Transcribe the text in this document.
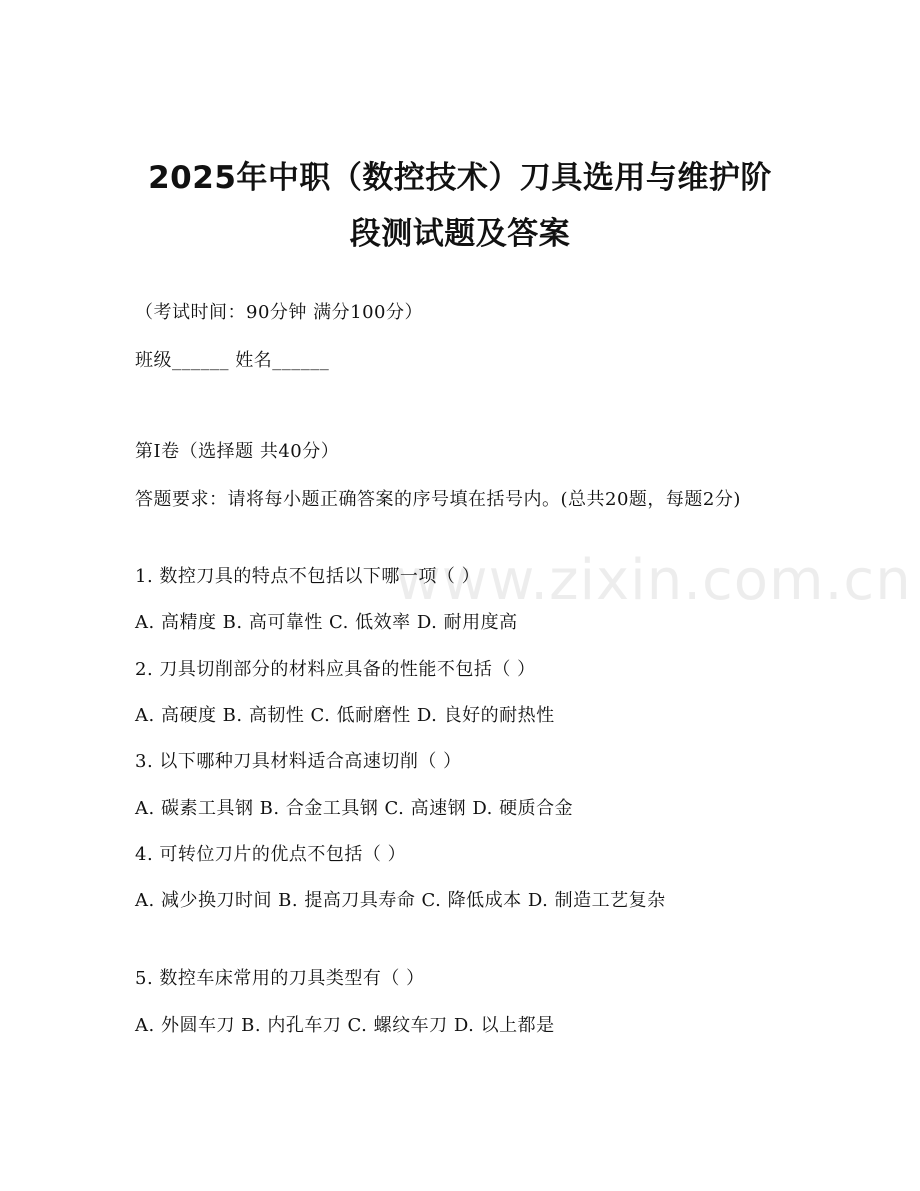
2025年中职（数控技术）刀具选用与维护阶
段测试题及答案
（考试时间：90分钟 满分100分）
班级______ 姓名______
第I卷（选择题 共40分）
答题要求：请将每小题正确答案的序号填在括号内。(总共20题，每题2分)
www.zixin.com.cn
1. 数控刀具的特点不包括以下哪一项（ ）
A. 高精度 B. 高可靠性 C. 低效率 D. 耐用度高
2. 刀具切削部分的材料应具备的性能不包括（ ）
A. 高硬度 B. 高韧性 C. 低耐磨性 D. 良好的耐热性
3. 以下哪种刀具材料适合高速切削（ ）
A. 碳素工具钢 B. 合金工具钢 C. 高速钢 D. 硬质合金
4. 可转位刀片的优点不包括（ ）
A. 减少换刀时间 B. 提高刀具寿命 C. 降低成本 D. 制造工艺复杂
5. 数控车床常用的刀具类型有（ ）
A. 外圆车刀 B. 内孔车刀 C. 螺纹车刀 D. 以上都是
